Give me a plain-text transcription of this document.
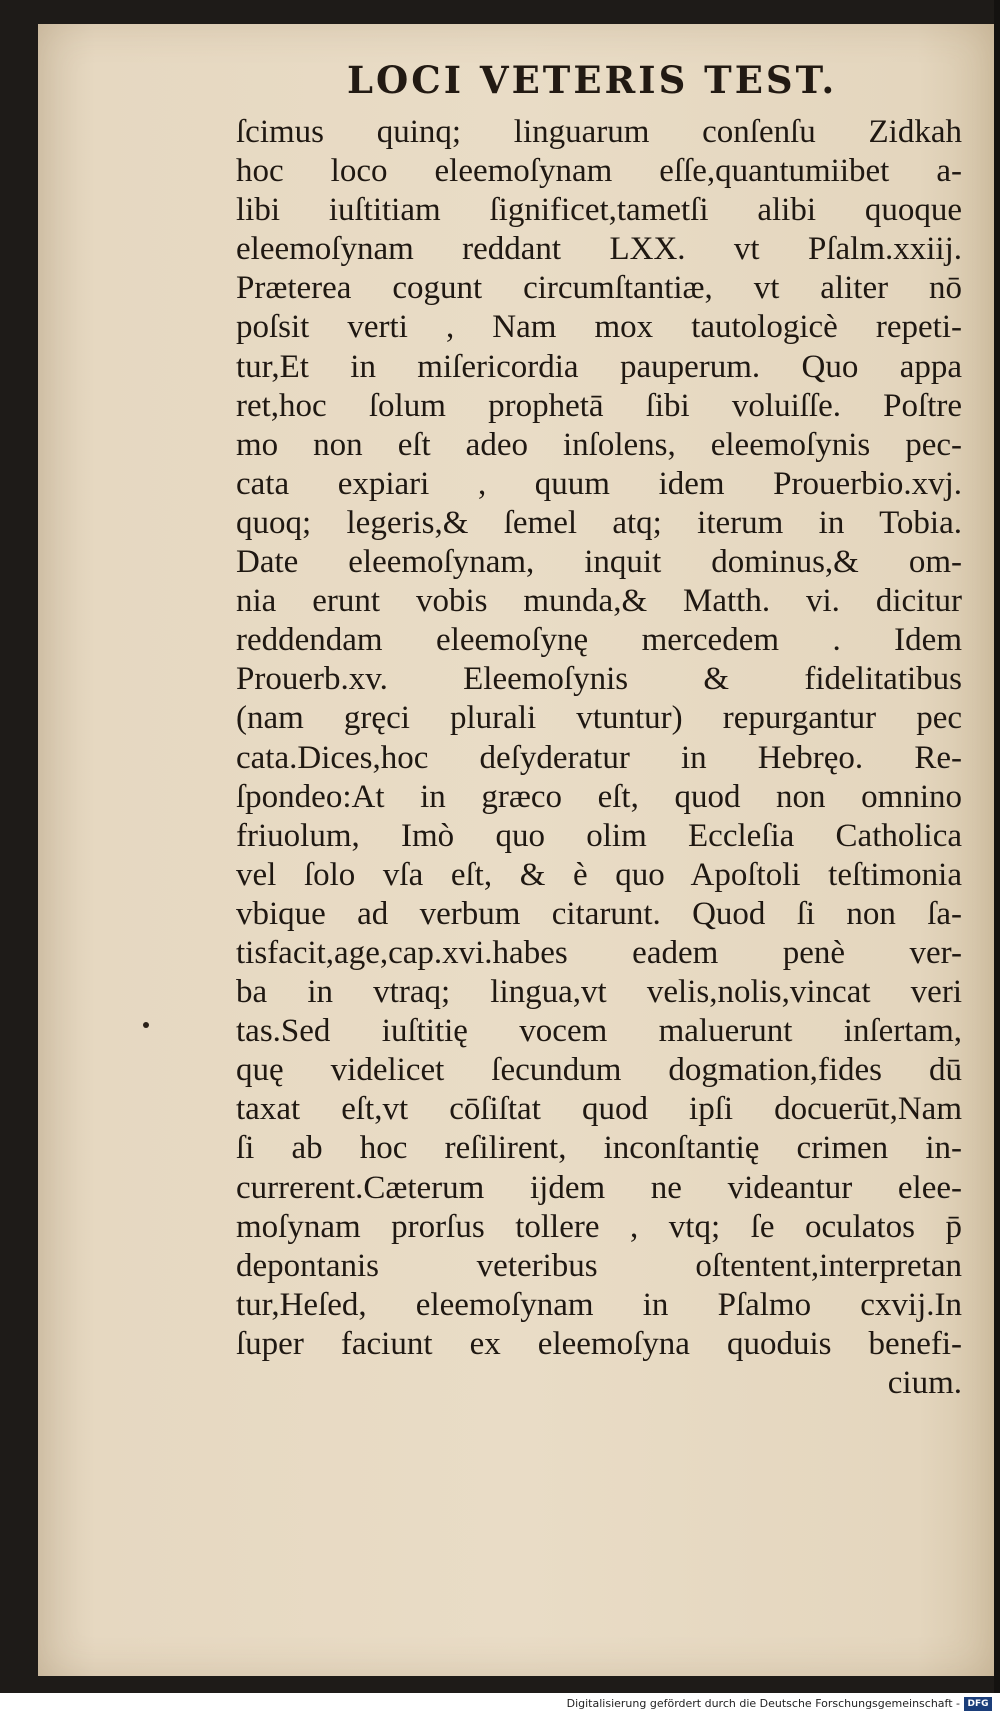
LOCI VETERIS TEST.
ſcimus quinq; linguarum conſenſu Zidkah
hoc loco eleemoſynam eſſe,quantumiibet a-
libi iuſtitiam ſignificet,tametſi alibi quoque
eleemoſynam reddant LXX. vt Pſalm.xxiij.
Præterea cogunt circumſtantiæ, vt aliter nō
poſsit verti , Nam mox tautologicè repeti-
tur,Et in miſericordia pauperum. Quo appa
ret,hoc ſolum prophetā ſibi voluiſſe. Poſtre
mo non eſt adeo inſolens, eleemoſynis pec-
cata expiari , quum idem Prouerbio.xvj.
quoq; legeris,& ſemel atq; iterum in Tobia.
Date eleemoſynam, inquit dominus,& om-
nia erunt vobis munda,& Matth. vi. dicitur
reddendam eleemoſynę mercedem . Idem
Prouerb.xv. Eleemoſynis & fidelitatibus
(nam gręci plurali vtuntur) repurgantur pec
cata.Dices,hoc deſyderatur in Hebręo. Re-
ſpondeo:At in græco eſt, quod non omnino
friuolum, Imò quo olim Eccleſia Catholica
vel ſolo vſa eſt, & è quo Apoſtoli teſtimonia
vbique ad verbum citarunt. Quod ſi non ſa-
tisfacit,age,cap.xvi.habes eadem penè ver-
ba in vtraq; lingua,vt velis,nolis,vincat veri
tas.Sed iuſtitię vocem maluerunt inſertam,
quę videlicet ſecundum dogmation,fides dū
taxat eſt,vt cōſiſtat quod ipſi docuerūt,Nam
ſi ab hoc reſilirent, inconſtantię crimen in-
currerent.Cæterum ijdem ne videantur elee-
moſynam prorſus tollere , vtq; ſe oculatos p̄
depontanis veteribus oſtentent,interpretan
tur,Heſed, eleemoſynam in Pſalmo cxvij.In
ſuper faciunt ex eleemoſyna quoduis benefi-
cium.
Digitalisierung gefördert durch die Deutsche Forschungsgemeinschaft - DFG
